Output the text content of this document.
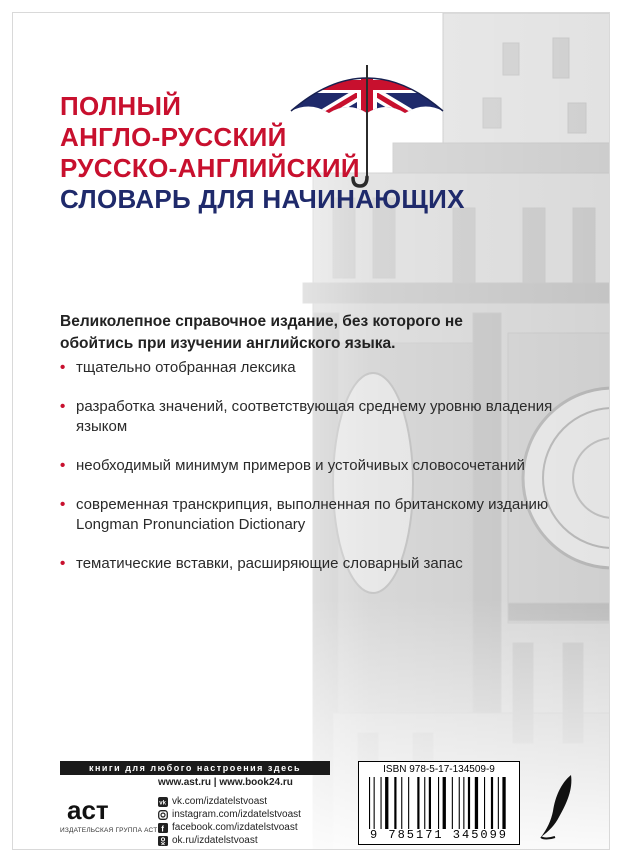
ПОЛНЫЙ
АНГЛО-РУССКИЙ
РУССКО-АНГЛИЙСКИЙ
СЛОВАРЬ ДЛЯ НАЧИНАЮЩИХ

Великолепное справочное издание, без которого не обойтись при изучении английского языка.

• тщательно отобранная лексика
• разработка значений, соответствующая среднему уровню владения языком
• необходимый минимум примеров и устойчивых словосочетаний
• современная транскрипция, выполненная по британскому изданию Longman Pronunciation Dictionary
• тематические вставки, расширяющие словарный запас
книги для любого настроения здесь
аст
ИЗДАТЕЛЬСКАЯ ГРУППА АСТ
www.ast.ru | www.book24.ru
vk vk.com/izdatelstvoast
instagram.com/izdatelstvoast
f facebook.com/izdatelstvoast
ok.ru/izdatelstvoast
ISBN 978-5-17-134509-9
9 785171 345099
